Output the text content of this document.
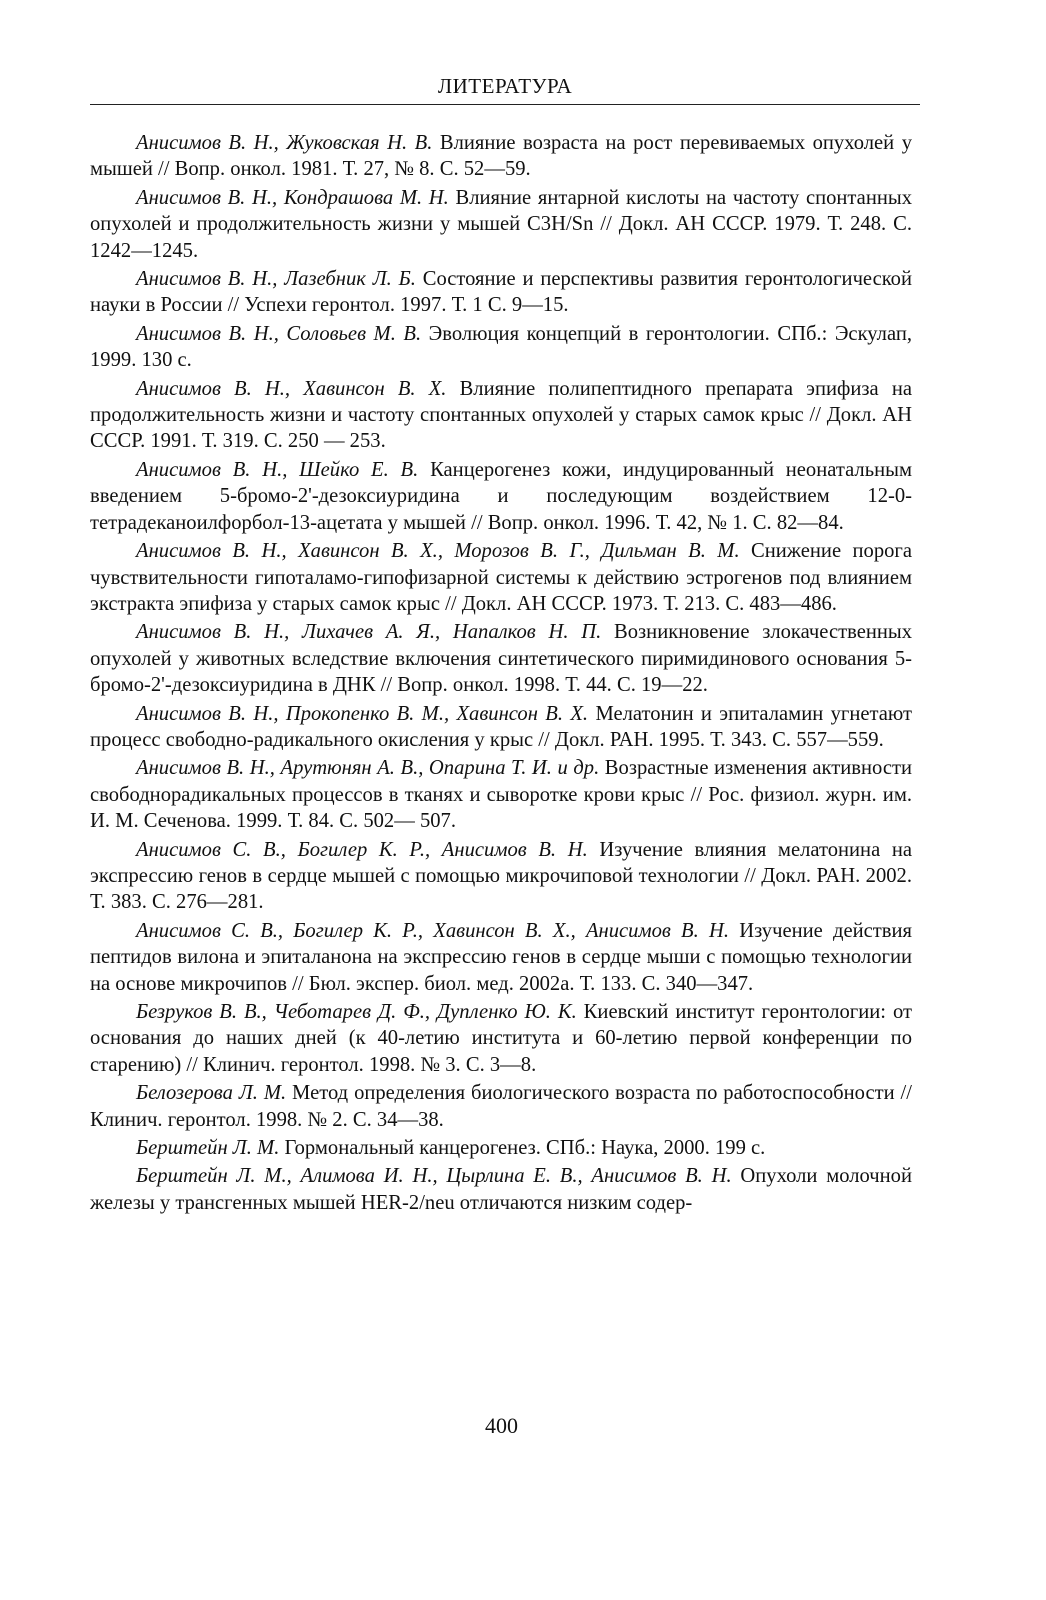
ЛИТЕРАТУРА

Анисимов В. Н., Жуковская Н. В. Влияние возраста на рост перевиваемых опухолей у мышей // Вопр. онкол. 1981. Т. 27, № 8. С. 52—59.

Анисимов В. Н., Кондрашова М. Н. Влияние янтарной кислоты на частоту спонтанных опухолей и продолжительность жизни у мышей C3H/Sn // Докл. АН СССР. 1979. Т. 248. С. 1242—1245.

Анисимов В. Н., Лазебник Л. Б. Состояние и перспективы развития геронтологической науки в России // Успехи геронтол. 1997. Т. 1 С. 9—15.

Анисимов В. Н., Соловьев М. В. Эволюция концепций в геронтологии. СПб.: Эскулап, 1999. 130 с.

Анисимов В. Н., Хавинсон В. Х. Влияние полипептидного препарата эпифиза на продолжительность жизни и частоту спонтанных опухолей у старых самок крыс // Докл. АН СССР. 1991. Т. 319. С. 250 — 253.

Анисимов В. Н., Шейко Е. В. Канцерогенез кожи, индуцированный неонатальным введением 5-бромо-2'-дезоксиуридина и последующим воздействием 12-0-тетрадеканоилфорбол-13-ацетата у мышей // Вопр. онкол. 1996. Т. 42, № 1. С. 82—84.

Анисимов В. Н., Хавинсон В. Х., Морозов В. Г., Дильман В. М. Снижение порога чувствительности гипоталамо-гипофизарной системы к действию эстрогенов под влиянием экстракта эпифиза у старых самок крыс // Докл. АН СССР. 1973. Т. 213. С. 483—486.

Анисимов В. Н., Лихачев А. Я., Напалков Н. П. Возникновение злокачественных опухолей у животных вследствие включения синтетического пиримидинового основания 5-бромо-2'-дезоксиуридина в ДНК // Вопр. онкол. 1998. Т. 44. С. 19—22.

Анисимов В. Н., Прокопенко В. М., Хавинсон В. Х. Мелатонин и эпиталамин угнетают процесс свободно-радикального окисления у крыс // Докл. РАН. 1995. Т. 343. С. 557—559.

Анисимов В. Н., Арутюнян А. В., Опарина Т. И. и др. Возрастные изменения активности свободнорадикальных процессов в тканях и сыворотке крови крыс // Рос. физиол. журн. им. И. М. Сеченова. 1999. Т. 84. С. 502— 507.

Анисимов С. В., Богилер К. Р., Анисимов В. Н. Изучение влияния мелатонина на экспрессию генов в сердце мышей с помощью микрочиповой технологии // Докл. РАН. 2002. Т. 383. С. 276—281.

Анисимов С. В., Богилер К. Р., Хавинсон В. Х., Анисимов В. Н. Изучение действия пептидов вилона и эпиталанона на экспрессию генов в сердце мыши с помощью технологии на основе микрочипов // Бюл. экспер. биол. мед. 2002а. Т. 133. С. 340—347.

Безруков В. В., Чеботарев Д. Ф., Дупленко Ю. К. Киевский институт геронтологии: от основания до наших дней (к 40-летию института и 60-летию первой конференции по старению) // Клинич. геронтол. 1998. № 3. С. 3—8.

Белозерова Л. М. Метод определения биологического возраста по работоспособности // Клинич. геронтол. 1998. № 2. С. 34—38.

Берштейн Л. М. Гормональный канцерогенез. СПб.: Наука, 2000. 199 с.

Берштейн Л. М., Алимова И. Н., Цырлина Е. В., Анисимов В. Н. Опухоли молочной железы у трансгенных мышей HER-2/neu отличаются низким содер-

400
